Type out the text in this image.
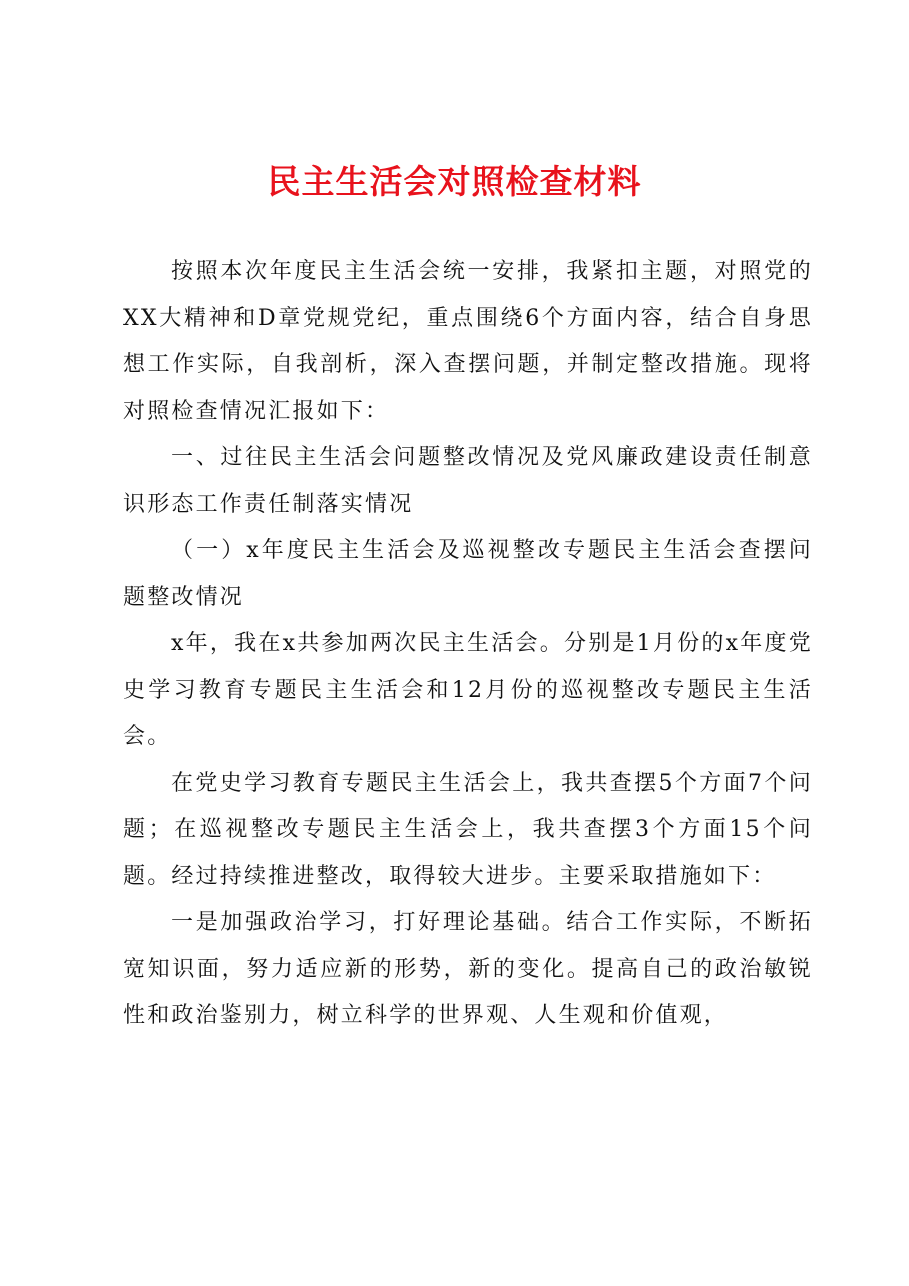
民主生活会对照检查材料

按照本次年度民主生活会统一安排，我紧扣主题，对照党的XX大精神和D章党规党纪，重点围绕6个方面内容，结合自身思想工作实际，自我剖析，深入查摆问题，并制定整改措施。现将对照检查情况汇报如下：

一、过往民主生活会问题整改情况及党风廉政建设责任制意识形态工作责任制落实情况

（一）x年度民主生活会及巡视整改专题民主生活会查摆问题整改情况

x年，我在x共参加两次民主生活会。分别是1月份的x年度党史学习教育专题民主生活会和12月份的巡视整改专题民主生活会。

在党史学习教育专题民主生活会上，我共查摆5个方面7个问题；在巡视整改专题民主生活会上，我共查摆3个方面15个问题。经过持续推进整改，取得较大进步。主要采取措施如下：

一是加强政治学习，打好理论基础。结合工作实际，不断拓宽知识面，努力适应新的形势，新的变化。提高自己的政治敏锐性和政治鉴别力，树立科学的世界观、人生观和价值观，
